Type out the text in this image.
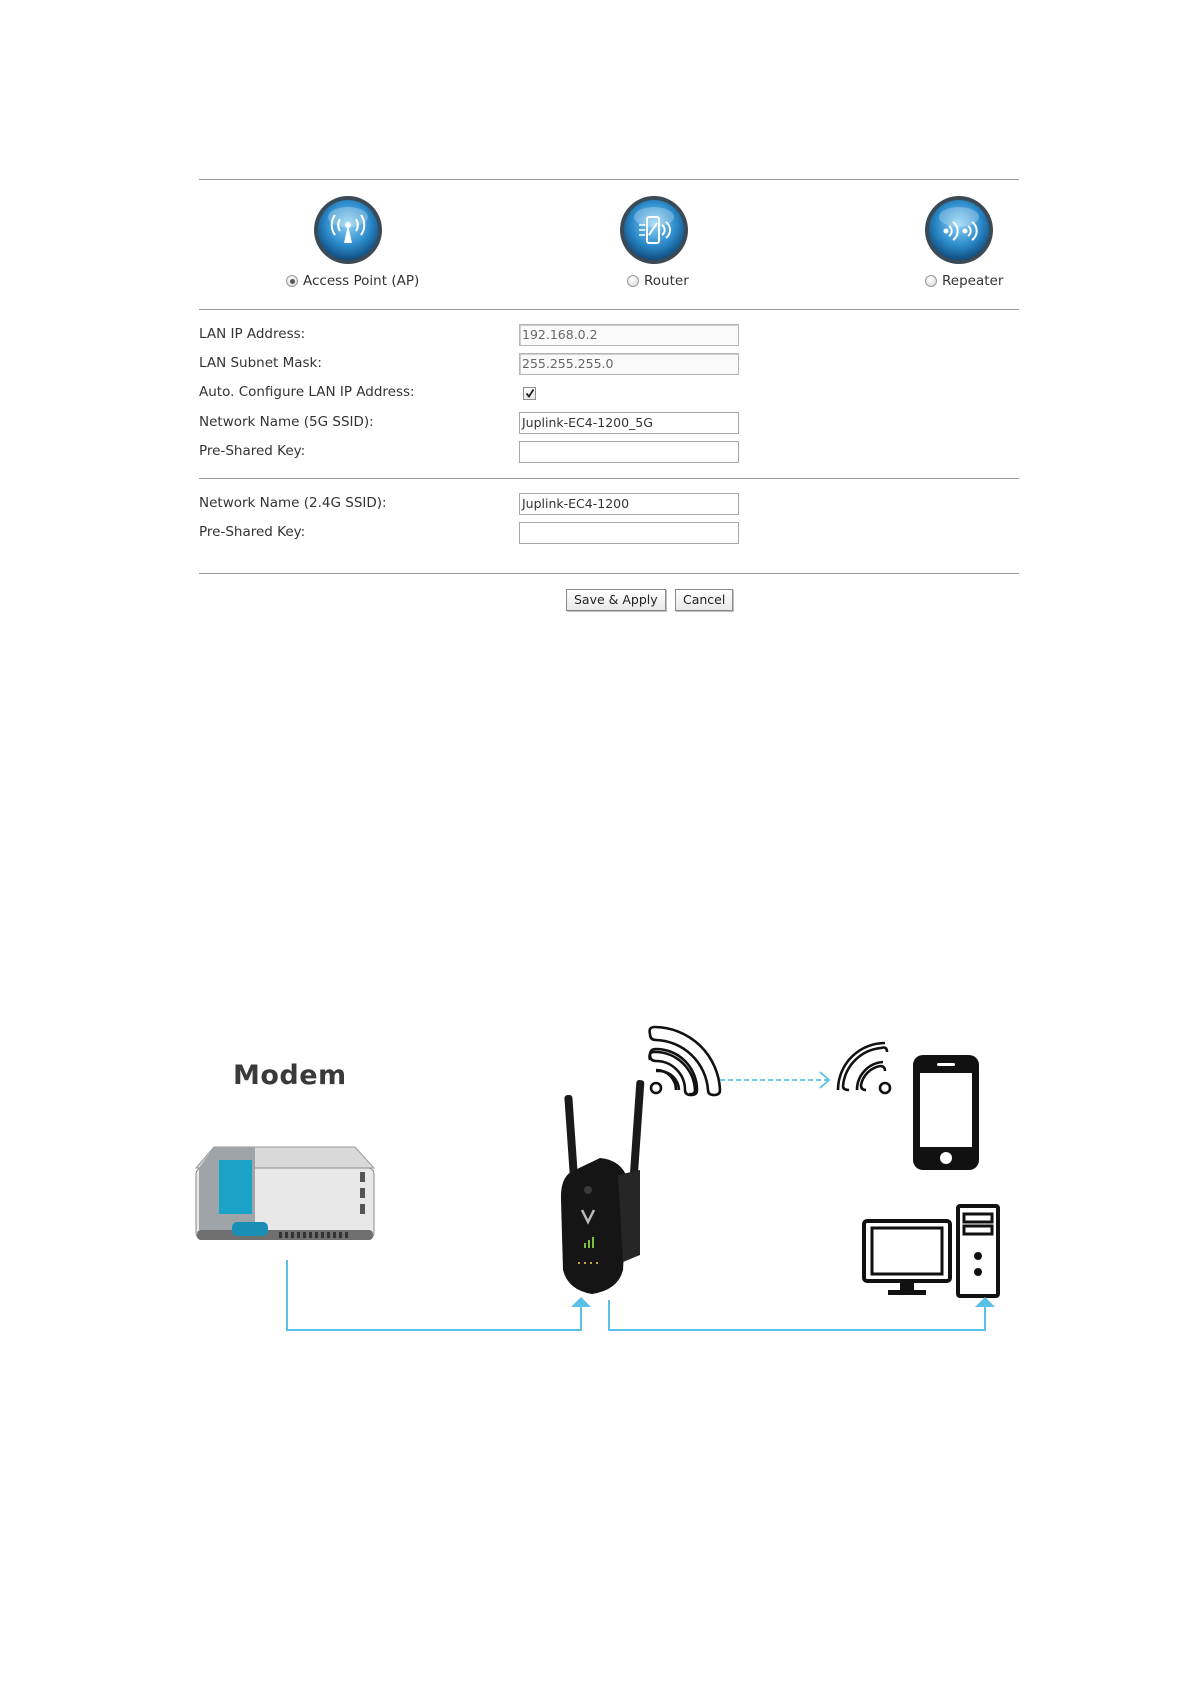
Access Point (AP)	Router	Repeater
LAN IP Address:	192.168.0.2
LAN Subnet Mask:	255.255.255.0
Auto. Configure LAN IP Address:
Network Name (5G SSID):	Juplink-EC4-1200_5G
Pre-Shared Key:
Network Name (2.4G SSID):	Juplink-EC4-1200
Pre-Shared Key:
Save & Apply	Cancel
Modem
